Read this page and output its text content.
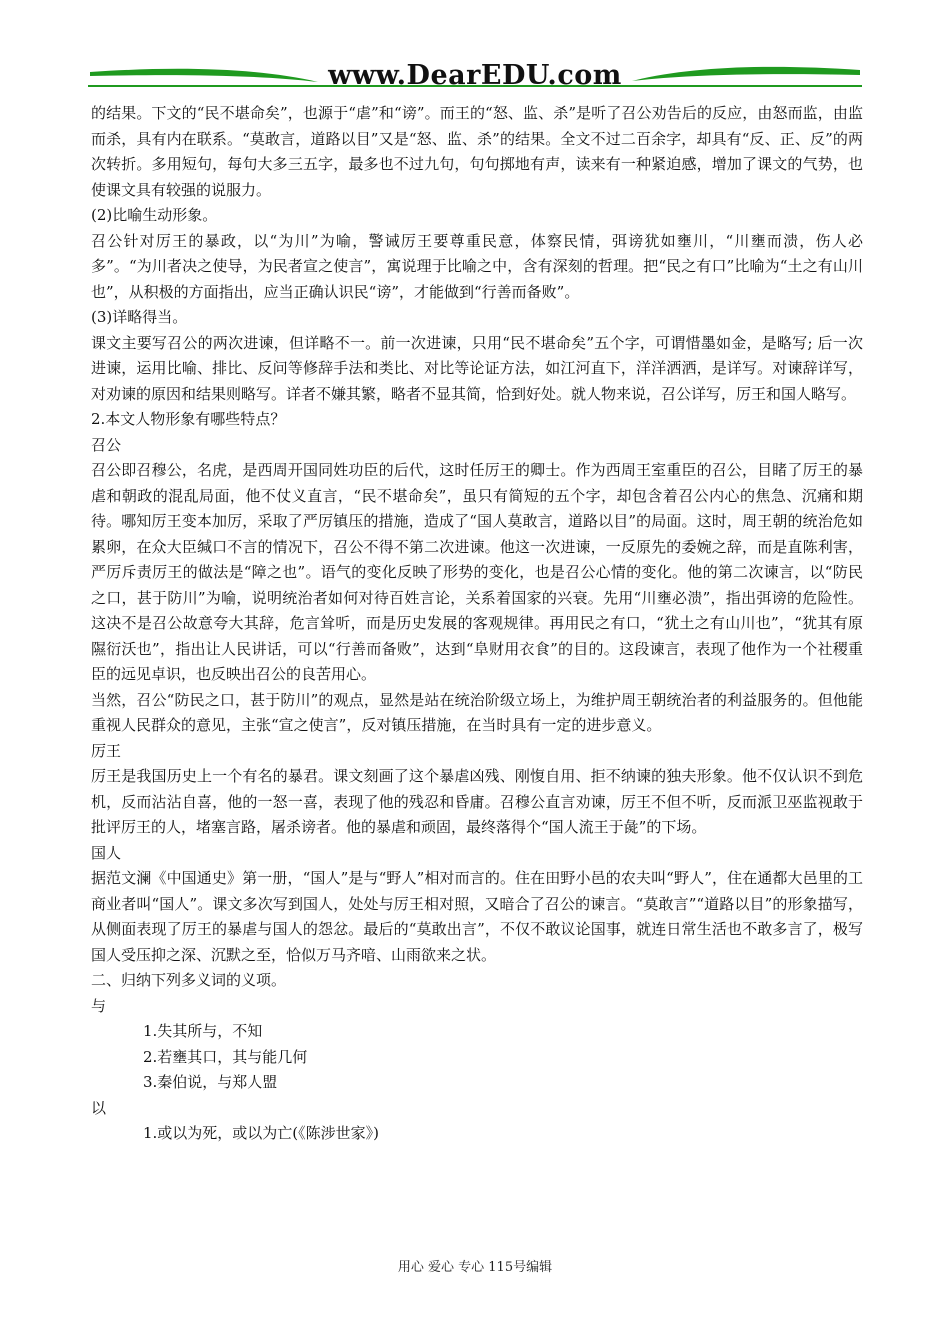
www.DearEDU.com

的结果。下文的“民不堪命矣”，也源于“虐”和“谤”。而王的“怒、监、杀”是听了召公劝告后的反应，由怒而监，由监而杀，具有内在联系。“莫敢言，道路以目”又是“怒、监、杀”的结果。全文不过二百余字，却具有“反、正、反”的两次转折。多用短句，每句大多三五字，最多也不过九句，句句掷地有声，读来有一种紧迫感，增加了课文的气势，也使课文具有较强的说服力。

(2)比喻生动形象。

召公针对厉王的暴政，以“为川”为喻，警诫厉王要尊重民意，体察民情，弭谤犹如壅川，“川壅而溃，伤人必多”。“为川者决之使导，为民者宣之使言”，寓说理于比喻之中，含有深刻的哲理。把“民之有口”比喻为“土之有山川也”，从积极的方面指出，应当正确认识民“谤”，才能做到“行善而备败”。

(3)详略得当。

课文主要写召公的两次进谏，但详略不一。前一次进谏，只用“民不堪命矣”五个字，可谓惜墨如金，是略写; 后一次进谏，运用比喻、排比、反问等修辞手法和类比、对比等论证方法，如江河直下，洋洋洒洒，是详写。对谏辞详写，对劝谏的原因和结果则略写。详者不嫌其繁，略者不显其简，恰到好处。就人物来说，召公详写，厉王和国人略写。

2.本文人物形象有哪些特点？

召公

召公即召穆公，名虎，是西周开国同姓功臣的后代，这时任厉王的卿士。作为西周王室重臣的召公，目睹了厉王的暴虐和朝政的混乱局面，他不仗义直言，“民不堪命矣”，虽只有简短的五个字，却包含着召公内心的焦急、沉痛和期待。哪知厉王变本加厉，采取了严厉镇压的措施，造成了“国人莫敢言，道路以目”的局面。这时，周王朝的统治危如累卵，在众大臣缄口不言的情况下，召公不得不第二次进谏。他这一次进谏，一反原先的委婉之辞，而是直陈利害，严厉斥责厉王的做法是“障之也”。语气的变化反映了形势的变化，也是召公心情的变化。他的第二次谏言，以“防民之口，甚于防川”为喻，说明统治者如何对待百姓言论，关系着国家的兴衰。先用“川壅必溃”，指出弭谤的危险性。这决不是召公故意夸大其辞，危言耸听，而是历史发展的客观规律。再用民之有口，“犹土之有山川也”，“犹其有原隰衍沃也”，指出让人民讲话，可以“行善而备败”，达到“阜财用衣食”的目的。这段谏言，表现了他作为一个社稷重臣的远见卓识，也反映出召公的良苦用心。

当然，召公“防民之口，甚于防川”的观点，显然是站在统治阶级立场上，为维护周王朝统治者的利益服务的。但他能重视人民群众的意见，主张“宣之使言”，反对镇压措施，在当时具有一定的进步意义。

厉王

厉王是我国历史上一个有名的暴君。课文刻画了这个暴虐凶残、刚愎自用、拒不纳谏的独夫形象。他不仅认识不到危机，反而沾沾自喜，他的一怒一喜，表现了他的残忍和昏庸。召穆公直言劝谏，厉王不但不听，反而派卫巫监视敢于批评厉王的人，堵塞言路，屠杀谤者。他的暴虐和顽固，最终落得个“国人流王于彘”的下场。

国人

据范文澜《中国通史》第一册，“国人”是与“野人”相对而言的。住在田野小邑的农夫叫“野人”，住在通都大邑里的工商业者叫“国人”。课文多次写到国人，处处与厉王相对照，又暗合了召公的谏言。“莫敢言”“道路以目”的形象描写，从侧面表现了厉王的暴虐与国人的怨忿。最后的“莫敢出言”，不仅不敢议论国事，就连日常生活也不敢多言了，极写国人受压抑之深、沉默之至，恰似万马齐喑、山雨欲来之状。

二、归纳下列多义词的义项。

与

1.失其所与，不知

2.若壅其口，其与能几何

3.秦伯说，与郑人盟

以

1.或以为死，或以为亡(《陈涉世家》)

用心 爱心 专心 115号编辑
